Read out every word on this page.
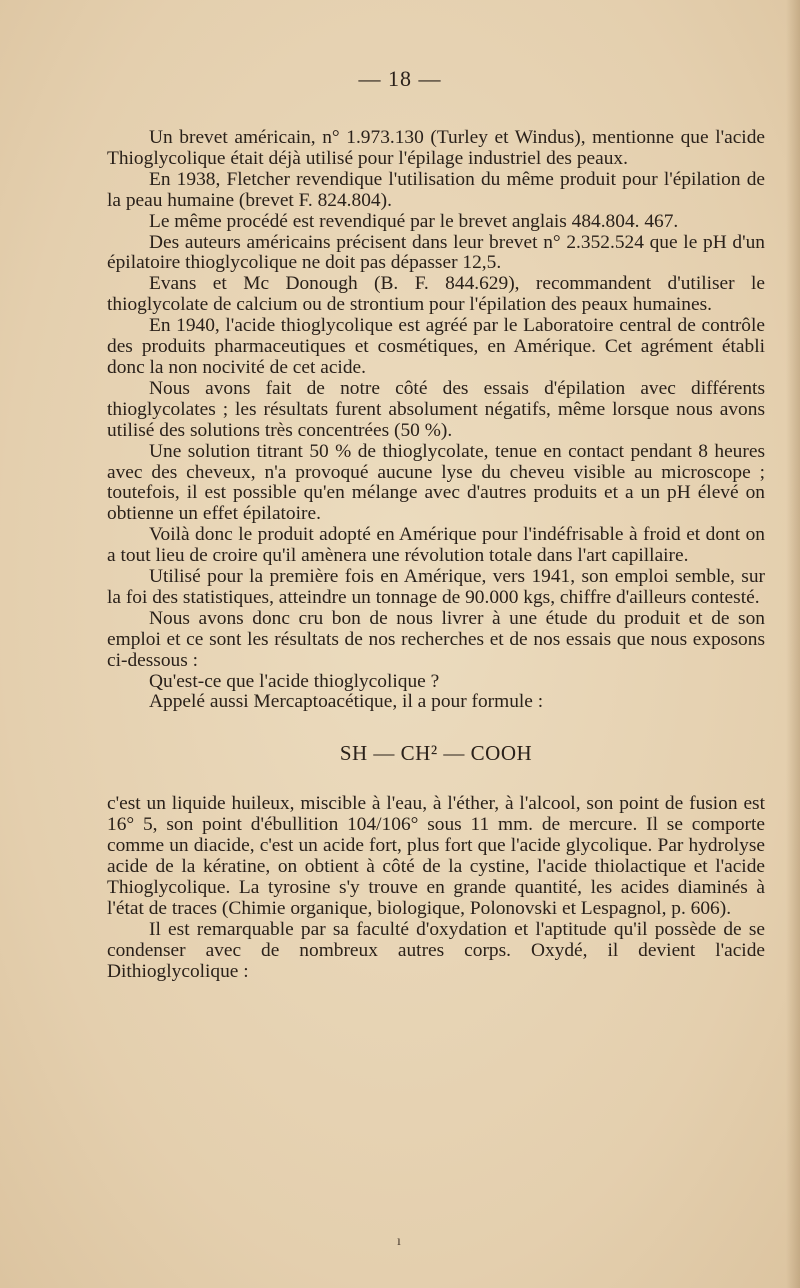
— 18 —

Un brevet américain, n° 1.973.130 (Turley et Windus), mentionne que l'acide Thioglycolique était déjà utilisé pour l'épilage industriel des peaux.

En 1938, Fletcher revendique l'utilisation du même produit pour l'épilation de la peau humaine (brevet F. 824.804).

Le même procédé est revendiqué par le brevet anglais 484.804. 467.

Des auteurs américains précisent dans leur brevet n° 2.352.524 que le pH d'un épilatoire thioglycolique ne doit pas dépasser 12,5.

Evans et Mc Donough (B. F. 844.629), recommandent d'utiliser le thioglycolate de calcium ou de strontium pour l'épilation des peaux humaines.

En 1940, l'acide thioglycolique est agréé par le Laboratoire central de contrôle des produits pharmaceutiques et cosmétiques, en Amérique. Cet agrément établi donc la non nocivité de cet acide.

Nous avons fait de notre côté des essais d'épilation avec différents thioglycolates ; les résultats furent absolument négatifs, même lorsque nous avons utilisé des solutions très concentrées (50 %).

Une solution titrant 50 % de thioglycolate, tenue en contact pendant 8 heures avec des cheveux, n'a provoqué aucune lyse du cheveu visible au microscope ; toutefois, il est possible qu'en mélange avec d'autres produits et a un pH élevé on obtienne un effet épilatoire.

Voilà donc le produit adopté en Amérique pour l'indéfrisable à froid et dont on a tout lieu de croire qu'il amènera une révolution totale dans l'art capillaire.

Utilisé pour la première fois en Amérique, vers 1941, son emploi semble, sur la foi des statistiques, atteindre un tonnage de 90.000 kgs, chiffre d'ailleurs contesté.

Nous avons donc cru bon de nous livrer à une étude du produit et de son emploi et ce sont les résultats de nos recherches et de nos essais que nous exposons ci-dessous :

Qu'est-ce que l'acide thioglycolique ?

Appelé aussi Mercaptoacétique, il a pour formule :

SH — CH² — COOH

c'est un liquide huileux, miscible à l'eau, à l'éther, à l'alcool, son point de fusion est 16° 5, son point d'ébullition 104/106° sous 11 mm. de mercure. Il se comporte comme un diacide, c'est un acide fort, plus fort que l'acide glycolique. Par hydrolyse acide de la kératine, on obtient à côté de la cystine, l'acide thiolactique et l'acide Thioglycolique. La tyrosine s'y trouve en grande quantité, les acides diaminés à l'état de traces (Chimie organique, biologique, Polonovski et Lespagnol, p. 606).

Il est remarquable par sa faculté d'oxydation et l'aptitude qu'il possède de se condenser avec de nombreux autres corps. Oxydé, il devient l'acide Dithioglycolique :

ı
